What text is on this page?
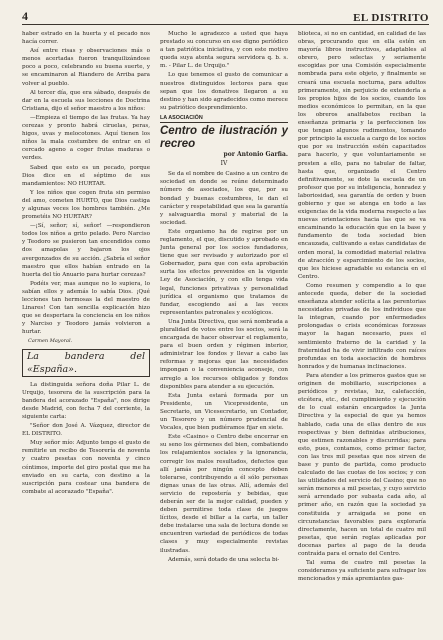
4	EL DISTRITO

haber estrado en la huerta y el pecado nos hacía correr.

Así entre risas y observaciones más o menos acertadas fueron tranquilizándose poco a poco, celebrando su buena suerte, y se encaminaron al Riandero de Arriba para volver al pueblo.

Al tercer día, que era sábado, después de dar en la escuela sus lecciones de Doctrina Cristiana, dijo el señor maestro a los niños:

—Empieza el tiempo de las frutas. Ya hay cerezas y pronto habrá ciruelas, peras, higos, uvas y melocotones. Aquí tienen los niños la mala costumbre de entrar en el cercado ageno a coger frutas maduras o verdes.

Sabed que esto es un pecado, porque Dios dice en el séptimo de sus mandamientos: NO HURTAR.

Y los niños que cogen fruta sin permiso del amo, cometen HURTO, que Dios castiga y algunas veces los hombres también. ¿Me prometéis NO HURTAR?

—¡Sí, señor; sí, señor! —respondieron todos los niños a grito pelado. Pero Narciso y Teodoro se pusieron tan encendidos como dos amapolas y bajaron los ojos avergonzados de su acción. ¿Sabría el señor maestro que ellos habían entrado en la huerta del tío Anuario para hurtar cerezas?

Podéis ver, mas aunque no lo supiera, lo sabían ellos y además lo sabía Dios. ¡Qué lecciones tan hermosas la del maestro de Linares! Con tan sencilla explicación hizo que se despertara la conciencia en los niños y Narciso y Teodoro jamás volvieron a hurtar.

Carmen Mayoral.
La bandera del «España».

La distinguida señora doña Pilar L. de Urquijo, tesorera de la suscripción para la bandera del acorazado "España", nos dirige desde Madrid, con fecha 7 del corriente, la siguiente carta:

"Señor don José A. Vázquez, director de EL DISTRITO.

Muy señor mío: Adjunto tengo el gusto de remitirle un recibo de Tesorería de noventa y cuatro pesetas con noventa y cinco céntimos, importe del giro postal que me ha enviado en su carta, con destino a la suscripción para costear una bandera de combate al acorazado "España".

Mucho le agradezco a usted que haya prestado su concurso en ese digno periódico a tan patriótica iniciativa, y con este motivo queda suya atenta segura servidora q. b. s. m. - Pilar L. de Urquijo."

Lo que tenemos el gusto de comunicar a nuestros distinguidos lectores para que sepan que los donativos llegaron a su destino y han sido agradecidos como merece su patriótico desprendimiento.

LA ASOCIACIÓN
Centro de ilustración y recreo
por Antonio Garfia.
IV

Se da el nombre de Casino a un centro de sociedad en donde se reúne determinado número de asociados, los que, por su bondad y buenas costumbres, le dan el carácter y respetabilidad que sea la garantía y salvaguardia moral y material de la sociedad.

Este organismo ha de regirse por un reglamento, el que, discutido y aprobado en Junta general por los socios fundadores, tiene que ser revisado y autorizado por el Gobernador, para que con esta aprobación surta los efectos prevenidos en la vigente Ley de Asociación, y con ello tenga vida legal, funciones privativas y personalidad jurídica el organismo que tratamos de fundar, escogiendo así a las veces representantes patronales y ecológicos.

Una Junta Directiva, que será nombrada a pluralidad de votos entre los socios, será la encargada de hacer observar el reglamento, para el buen orden y régimen interior, administrar los fondos y llevar a cabo las reformas y mejoras que las necesidades impongan o la conveniencia aconseje, con arreglo a los recursos obligados y fondos disponibles para atender a su ejecución.

Esta Junta estará formada por un Presidente, un Vicepresidente, un Secretario, un Vicesecretario, un Contador, un Tesorero y un número prudencial de Vocales, que bien pudiéramos fijar en siete.

Este «Casino» o Centro debe encerrar en su seno los gérmenes del bien, combatiendo los relajamientos sociales y la ignorancia, corregir los malos resultados, defectos que allí jamás por ningún concepto deben tolerarse, contribuyendo a él sólo personas dignas unas de las otras. Allí, además del servicio de repostería y bebidas, que deberán ser de la mejor calidad, pueden y deben permitirse toda clase de juegos lícitos, desde el billar a la carta, un taller debe instalarse una sala de lectura donde se encuentren variedad de periódicos de todas clases y muy especialmente revistas ilustradas.

Además, será dotado de una selecta bi-

blioteca, si no en cantidad, en calidad de las obras, procurando que en ella estén en mayoría libros instructivos, adaptables al obrero, pero selectas y seriamente escogidas por una Comisión especialmente nombrada para este objeto, y finalmente se creará una escuela nocturna, para adultos primeramente, sin perjuicio de extenderla a los propios hijos de los socios, cuando los medios económicos lo permitan, en la que los obreros analfabetos reciban la enseñanza primaria y la perfeccionen los que tengan algunos rudimentos, tomando por principio la escuela a cargo de los socios que por su instrucción estén capacitados para hacerlo, y que voluntariamente se presten a ello, para no tabular de faltar, hasta que, organizado el Centro definitivamente, se dote la escuela de un profesor que por su inteligencia, honradez y laboriosidad, sea garantía de orden y buen gobierno y que se atenga en todo a las exigencias de la vida moderna respecto a las nuevas orientaciones hacia las que se va encaminando la educación que en la base y fundamento de toda sociedad bien encauzada, cultivando a estas candidatas de orden moral, la comodidad material relativa de atracción y esparcimiento de los socios, que les hiciese agradable su estancia en el Centro.

Como resumen y compendio a lo que antecede queda, deber de la sociedad enseñanza atender solícita a las perentorias necesidades privadas de los individuos que la integran, cuando por enfermedades prolongadas o crisis económicas forzosas mayor la hagan necesario, pues el sentimiento fraterno de la caridad y la fraternidad ha de vivir infiltrado con raíces profundas en toda asociación de hombres honrados y de humanas inclinaciones.

Para atender a los primeros gastos que se originen de mobiliario, suscripciones a periódicos y revistas, luz, calefacción, etcétera, etc., del cumplimiento y ejecución de lo cual estarán encargados la Junta Directiva y la especial de que ya hemos hablado, cada una de ellas dentro de sus respectivas y bien definidas atribuciones, que estimen razonables y discurridas; para esto, pues, contamos, como primer factor, con las tres mil pesetas que nos sirven de base y punto de partida, como producto calculado de las cuotas de los socios; y con las utilidades del servicio del Casino; que no serán menores a mil pesetas, y cuyo servicio será arrendado por subasta cada año, al primer año, en razón que la sociedad ya constituida y arraigada se pone en circunstancias favorables para exploraría directamente, hacen un total de cuatro mil pesetas, que serán reglas aplicadas por docenas partes al pago de la deuda contraída para el ornato del Centro.

Tal suma de cuatro mil pesetas la consideramos ya suficiente para sufragar los mencionados y más apremiantes gas-
